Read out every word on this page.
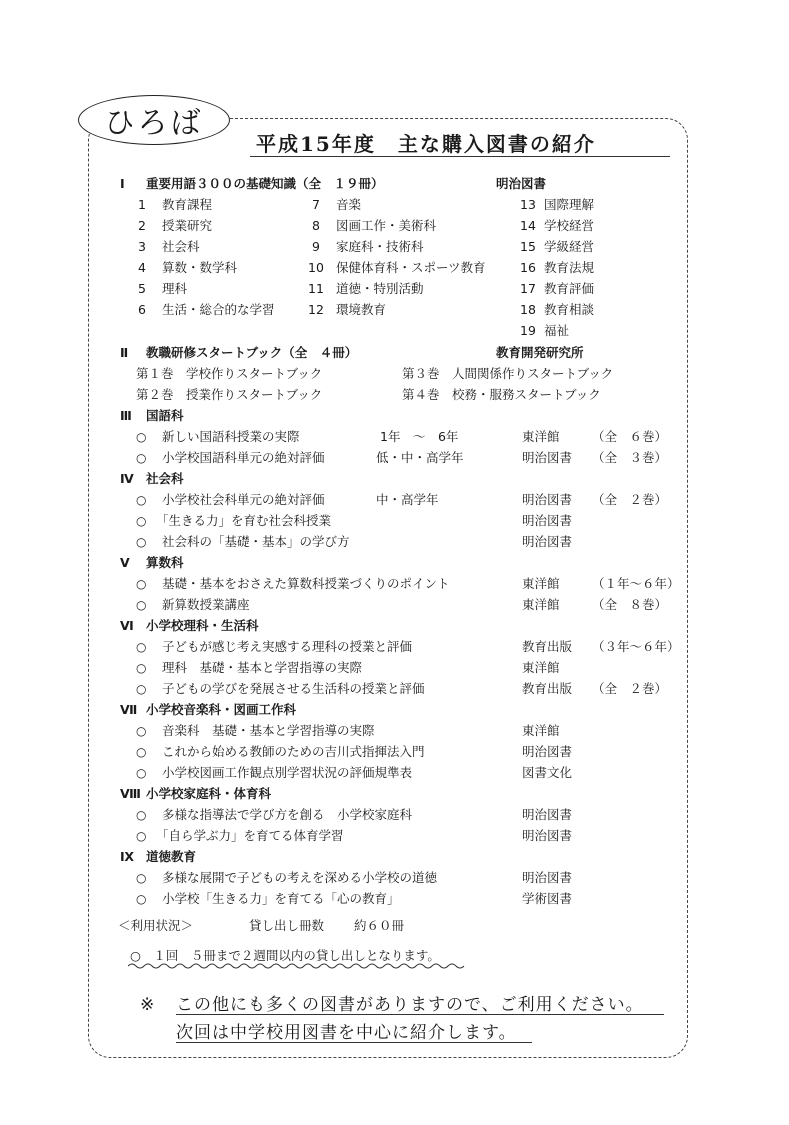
ひろば
平成15年度 主な購入図書の紹介
Ⅰ 重要用語３００の基礎知識（全　１９冊）	明治図書
1 教育課程
2 授業研究
3 社会科
4 算数・数学科
5 理科
6 生活・総合的な学習
7 音楽
8 図画工作・美術科
9 家庭科・技術科
10 保健体育科・スポーツ教育
11 道徳・特別活動
12 環境教育
13 国際理解
14 学校経営
15 学級経営
16 教育法規
17 教育評価
18 教育相談
19 福祉
Ⅱ 教職研修スタートブック（全　４冊）	教育開発研究所
第１巻　学校作りスタートブック
第２巻　授業作りスタートブック
第３巻　人間関係作りスタートブック
第４巻　校務・服務スタートブック
Ⅲ 国語科
○ 新しい国語科授業の実際	1年　〜　6年	東洋館	（全　６巻）
○ 小学校国語科単元の絶対評価	低・中・高学年	明治図書 （全　３巻）
Ⅳ 社会科
○ 小学校社会科単元の絶対評価	中・高学年	明治図書 （全　２巻）
○ 「生きる力」を育む社会科授業	明治図書
○ 社会科の「基礎・基本」の学び方	明治図書
Ⅴ 算数科
○ 基礎・基本をおさえた算数科授業づくりのポイント	東洋館	（１年〜６年）
○ 新算数授業講座	東洋館	（全　８巻）
Ⅵ 小学校理科・生活科
○ 子どもが感じ考え実感する理科の授業と評価	教育出版 （３年〜６年）
○ 理科　基礎・基本と学習指導の実際	東洋館
○ 子どもの学びを発展させる生活科の授業と評価	教育出版 （全　２巻）
Ⅶ 小学校音楽科・図画工作科
○ 音楽科　基礎・基本と学習指導の実際	東洋館
○ これから始める教師のための吉川式指揮法入門	明治図書
○ 小学校図画工作観点別学習状況の評価規準表	図書文化
Ⅷ 小学校家庭科・体育科
○ 多様な指導法で学び方を創る　小学校家庭科	明治図書
○ 「自ら学ぶ力」を育てる体育学習	明治図書
Ⅸ 道徳教育
○ 多様な展開で子どもの考えを深める小学校の道徳	明治図書
○ 小学校「生きる力」を育てる「心の教育」	学術図書
＜利用状況＞	貸し出し冊数 約６０冊
○　１回　５冊まで２週間以内の貸し出しとなります。
※ この他にも多くの図書がありますので、ご利用ください。
次回は中学校用図書を中心に紹介します。
